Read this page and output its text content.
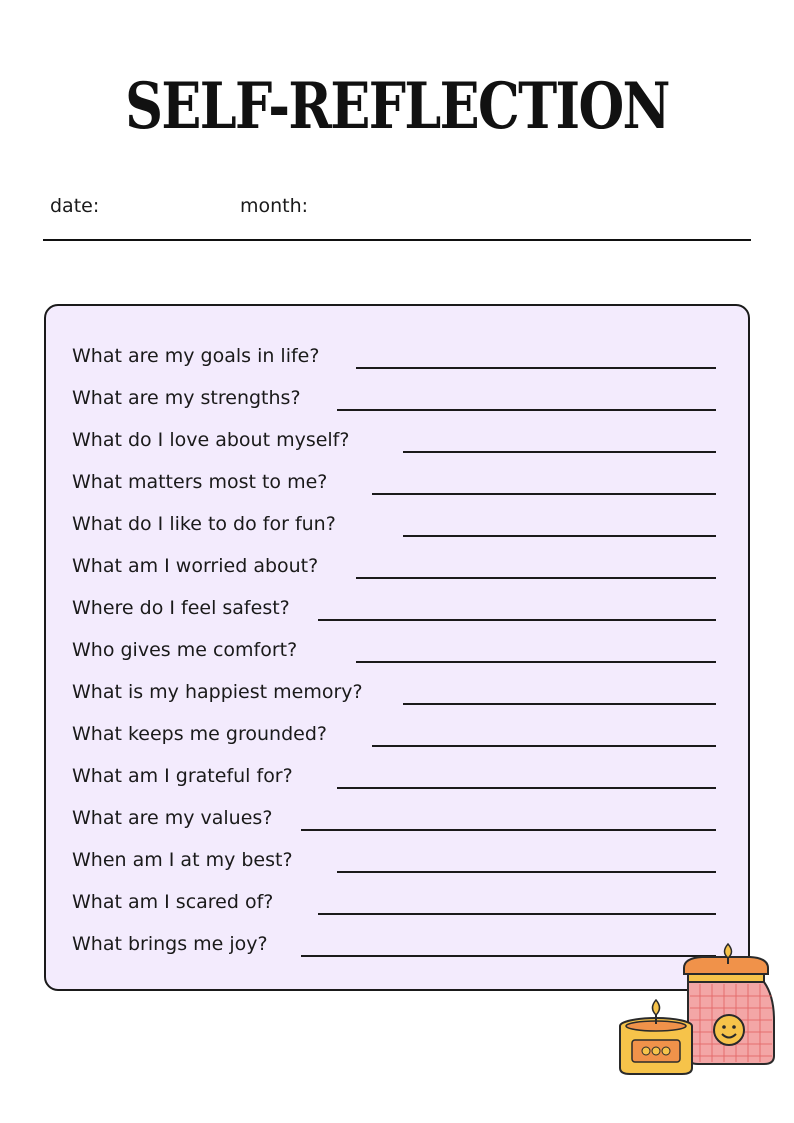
SELF-REFLECTION
date:	month:
What are my goals in life?
What are my strengths?
What do I love about myself?
What matters most to me?
What do I like to do for fun?
What am I worried about?
Where do I feel safest?
Who gives me comfort?
What is my happiest memory?
What keeps me grounded?
What am I grateful for?
What are my values?
When am I at my best?
What am I scared of?
What brings me joy?
